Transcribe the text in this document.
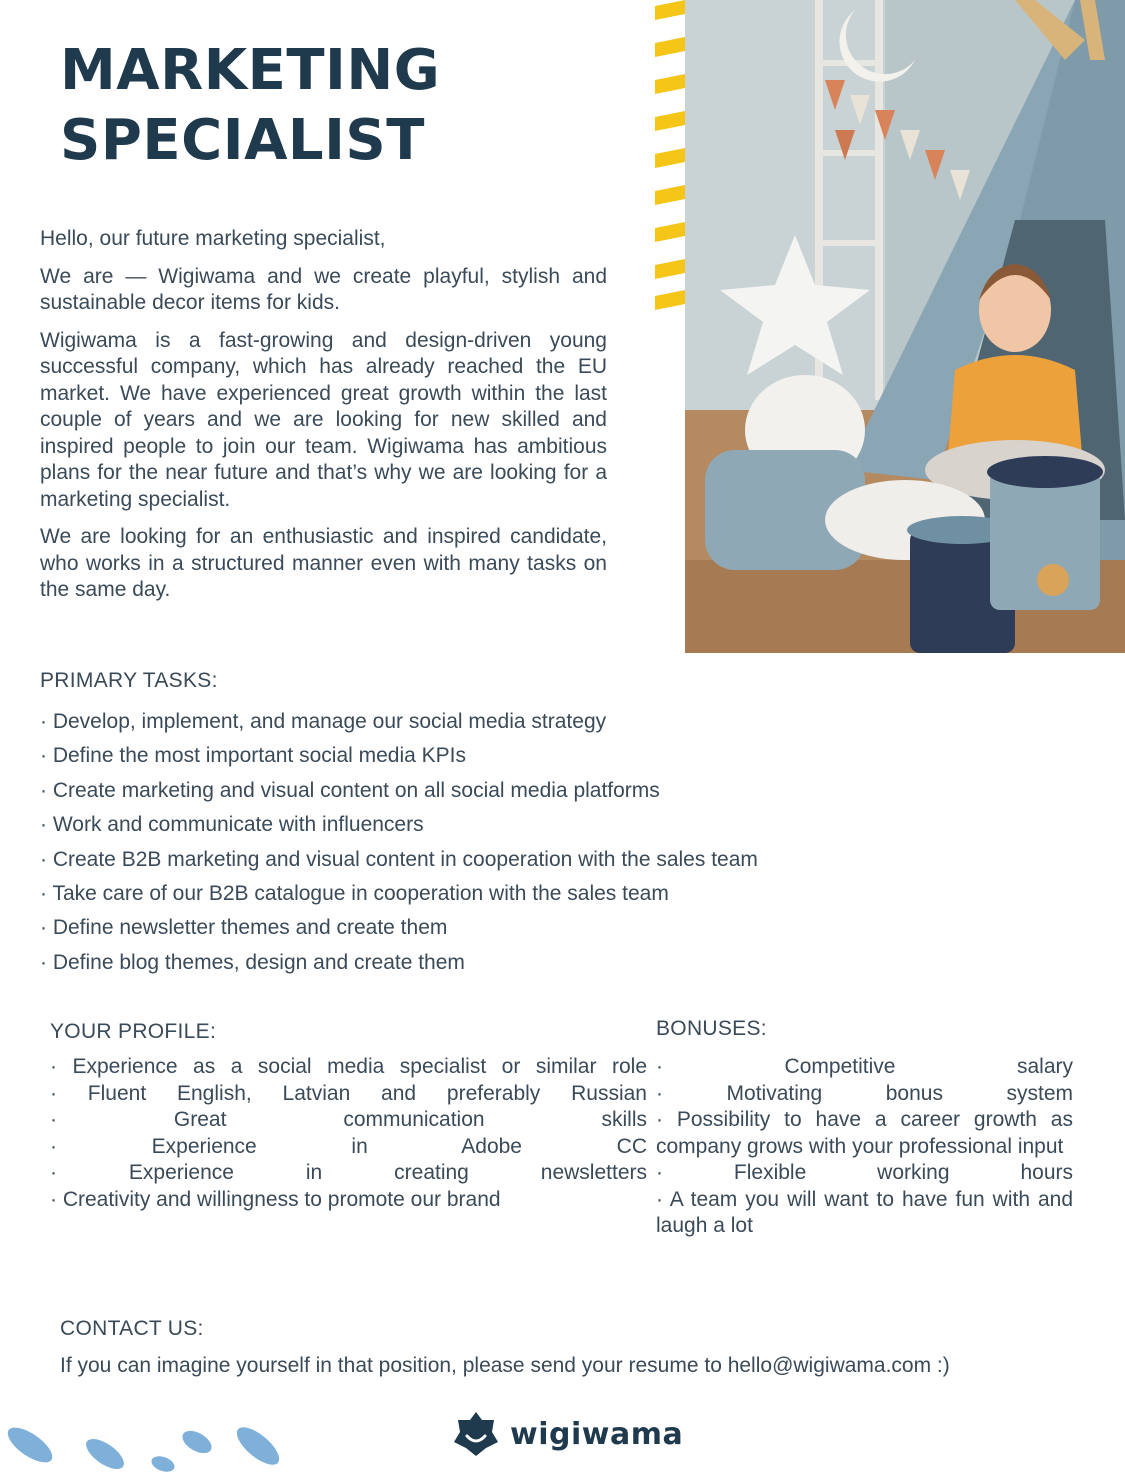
MARKETING
SPECIALIST

Hello, our future marketing specialist,

We are — Wigiwama and we create playful, stylish and sustainable decor items for kids.

Wigiwama is a fast-growing and design-driven young successful company, which has already reached the EU market. We have experienced great growth within the last couple of years and we are looking for new skilled and inspired people to join our team. Wigiwama has ambitious plans for the near future and that’s why we are looking for a marketing specialist.

We are looking for an enthusiastic and inspired candidate, who works in a structured manner even with many tasks on the same day.

PRIMARY TASKS:
· Develop, implement, and manage our social media strategy
· Define the most important social media KPIs
· Create marketing and visual content on all social media platforms
· Work and communicate with influencers
· Create B2B marketing and visual content in cooperation with the sales team
· Take care of our B2B catalogue in cooperation with the sales team
· Define newsletter themes and create them
· Define blog themes, design and create them
YOUR PROFILE:
· Experience as a social media specialist or similar role
· Fluent English, Latvian and preferably Russian
· Great communication skills
· Experience in Adobe CC
· Experience in creating newsletters
· Creativity and willingness to promote our brand
BONUSES:
· Competitive salary
· Motivating bonus system
· Possibility to have a career growth as company grows with your professional input
· Flexible working hours
· A team you will want to have fun with and laugh a lot
CONTACT US:
If you can imagine yourself in that position, please send your resume to hello@wigiwama.com :)
wigiwama
